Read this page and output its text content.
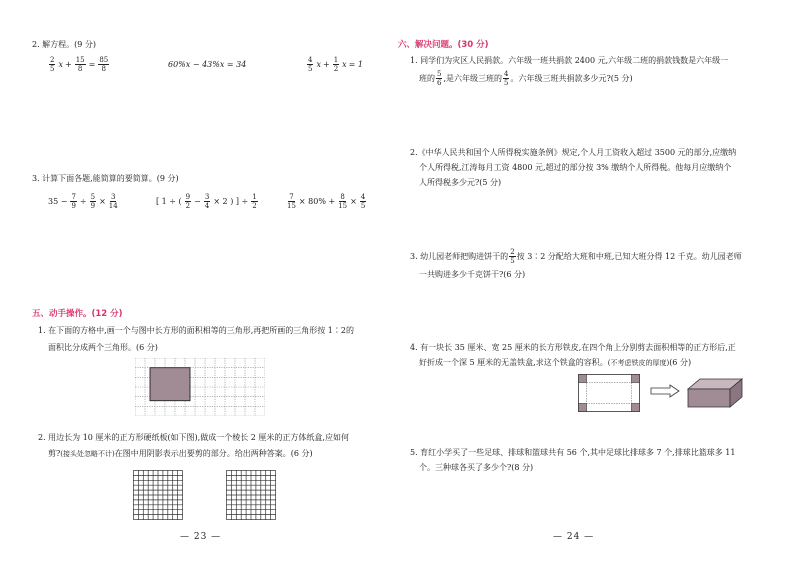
2. 解方程。(9 分)
$\frac{2}{5}$ $x + \frac{15}{8} = \frac{85}{8}$	60%x − 43%x = 34	$\frac{4}{5}$ $x + \frac{1}{2}$ x = 1
3. 计算下面各题,能简算的要简算。(9 分)
$35 - \frac{7}{9} \div \frac{5}{9} \times \frac{3}{14}$	[ 1 ÷ ( $\frac{9}{2} - \frac{3}{4} \times 2$ ) ] ÷ $\frac{1}{2}$	$\frac{7}{15} \times 80\% + \frac{8}{15} \times \frac{4}{5}$
五、动手操作。(12 分)
1. 在下面的方格中,画一个与图中长方形的面积相等的三角形,再把所画的三角形按 1∶2的
面积比分成两个三角形。(6 分)
2. 用边长为 10 厘米的正方形硬纸板(如下图),做成一个棱长 2 厘米的正方体纸盒,应如何
剪?(接头处忽略不计)在图中用阴影表示出要剪的部分。给出两种答案。(6 分)
— 23 —
六、解决问题。(30 分)
1. 同学们为灾区人民捐款。六年级一班共捐款 2400 元,六年级二班的捐款钱数是六年级一
班的 $\frac{5}{6}$ ,是六年级三班的 $\frac{4}{5}$ 。六年级三班共捐款多少元?(5 分)
2.《中华人民共和国个人所得税实施条例》规定,个人月工资收入超过 3500 元的部分,应缴纳
个人所得税,江涛每月工资 4800 元,超过的部分按 3% 缴纳个人所得税。他每月应缴纳个
人所得税多少元?(5 分)
3. 幼儿园老师把购进饼干的 $\frac{2}{5}$ 按 3∶2 分配给大班和中班,已知大班分得 12 千克。幼儿园老师
一共购进多少千克饼干?(6 分)
4. 有一块长 35 厘米、宽 25 厘米的长方形铁皮,在四个角上分别剪去面积相等的正方形后,正
好折成一个深 5 厘米的无盖铁盒,求这个铁盒的容积。(不考虑铁皮的厚度)(6 分)
5. 育红小学买了一些足球、排球和篮球共有 56 个,其中足球比排球多 7 个,排球比篮球多 11
个。三种球各买了多少个?(8 分)
— 24 —
